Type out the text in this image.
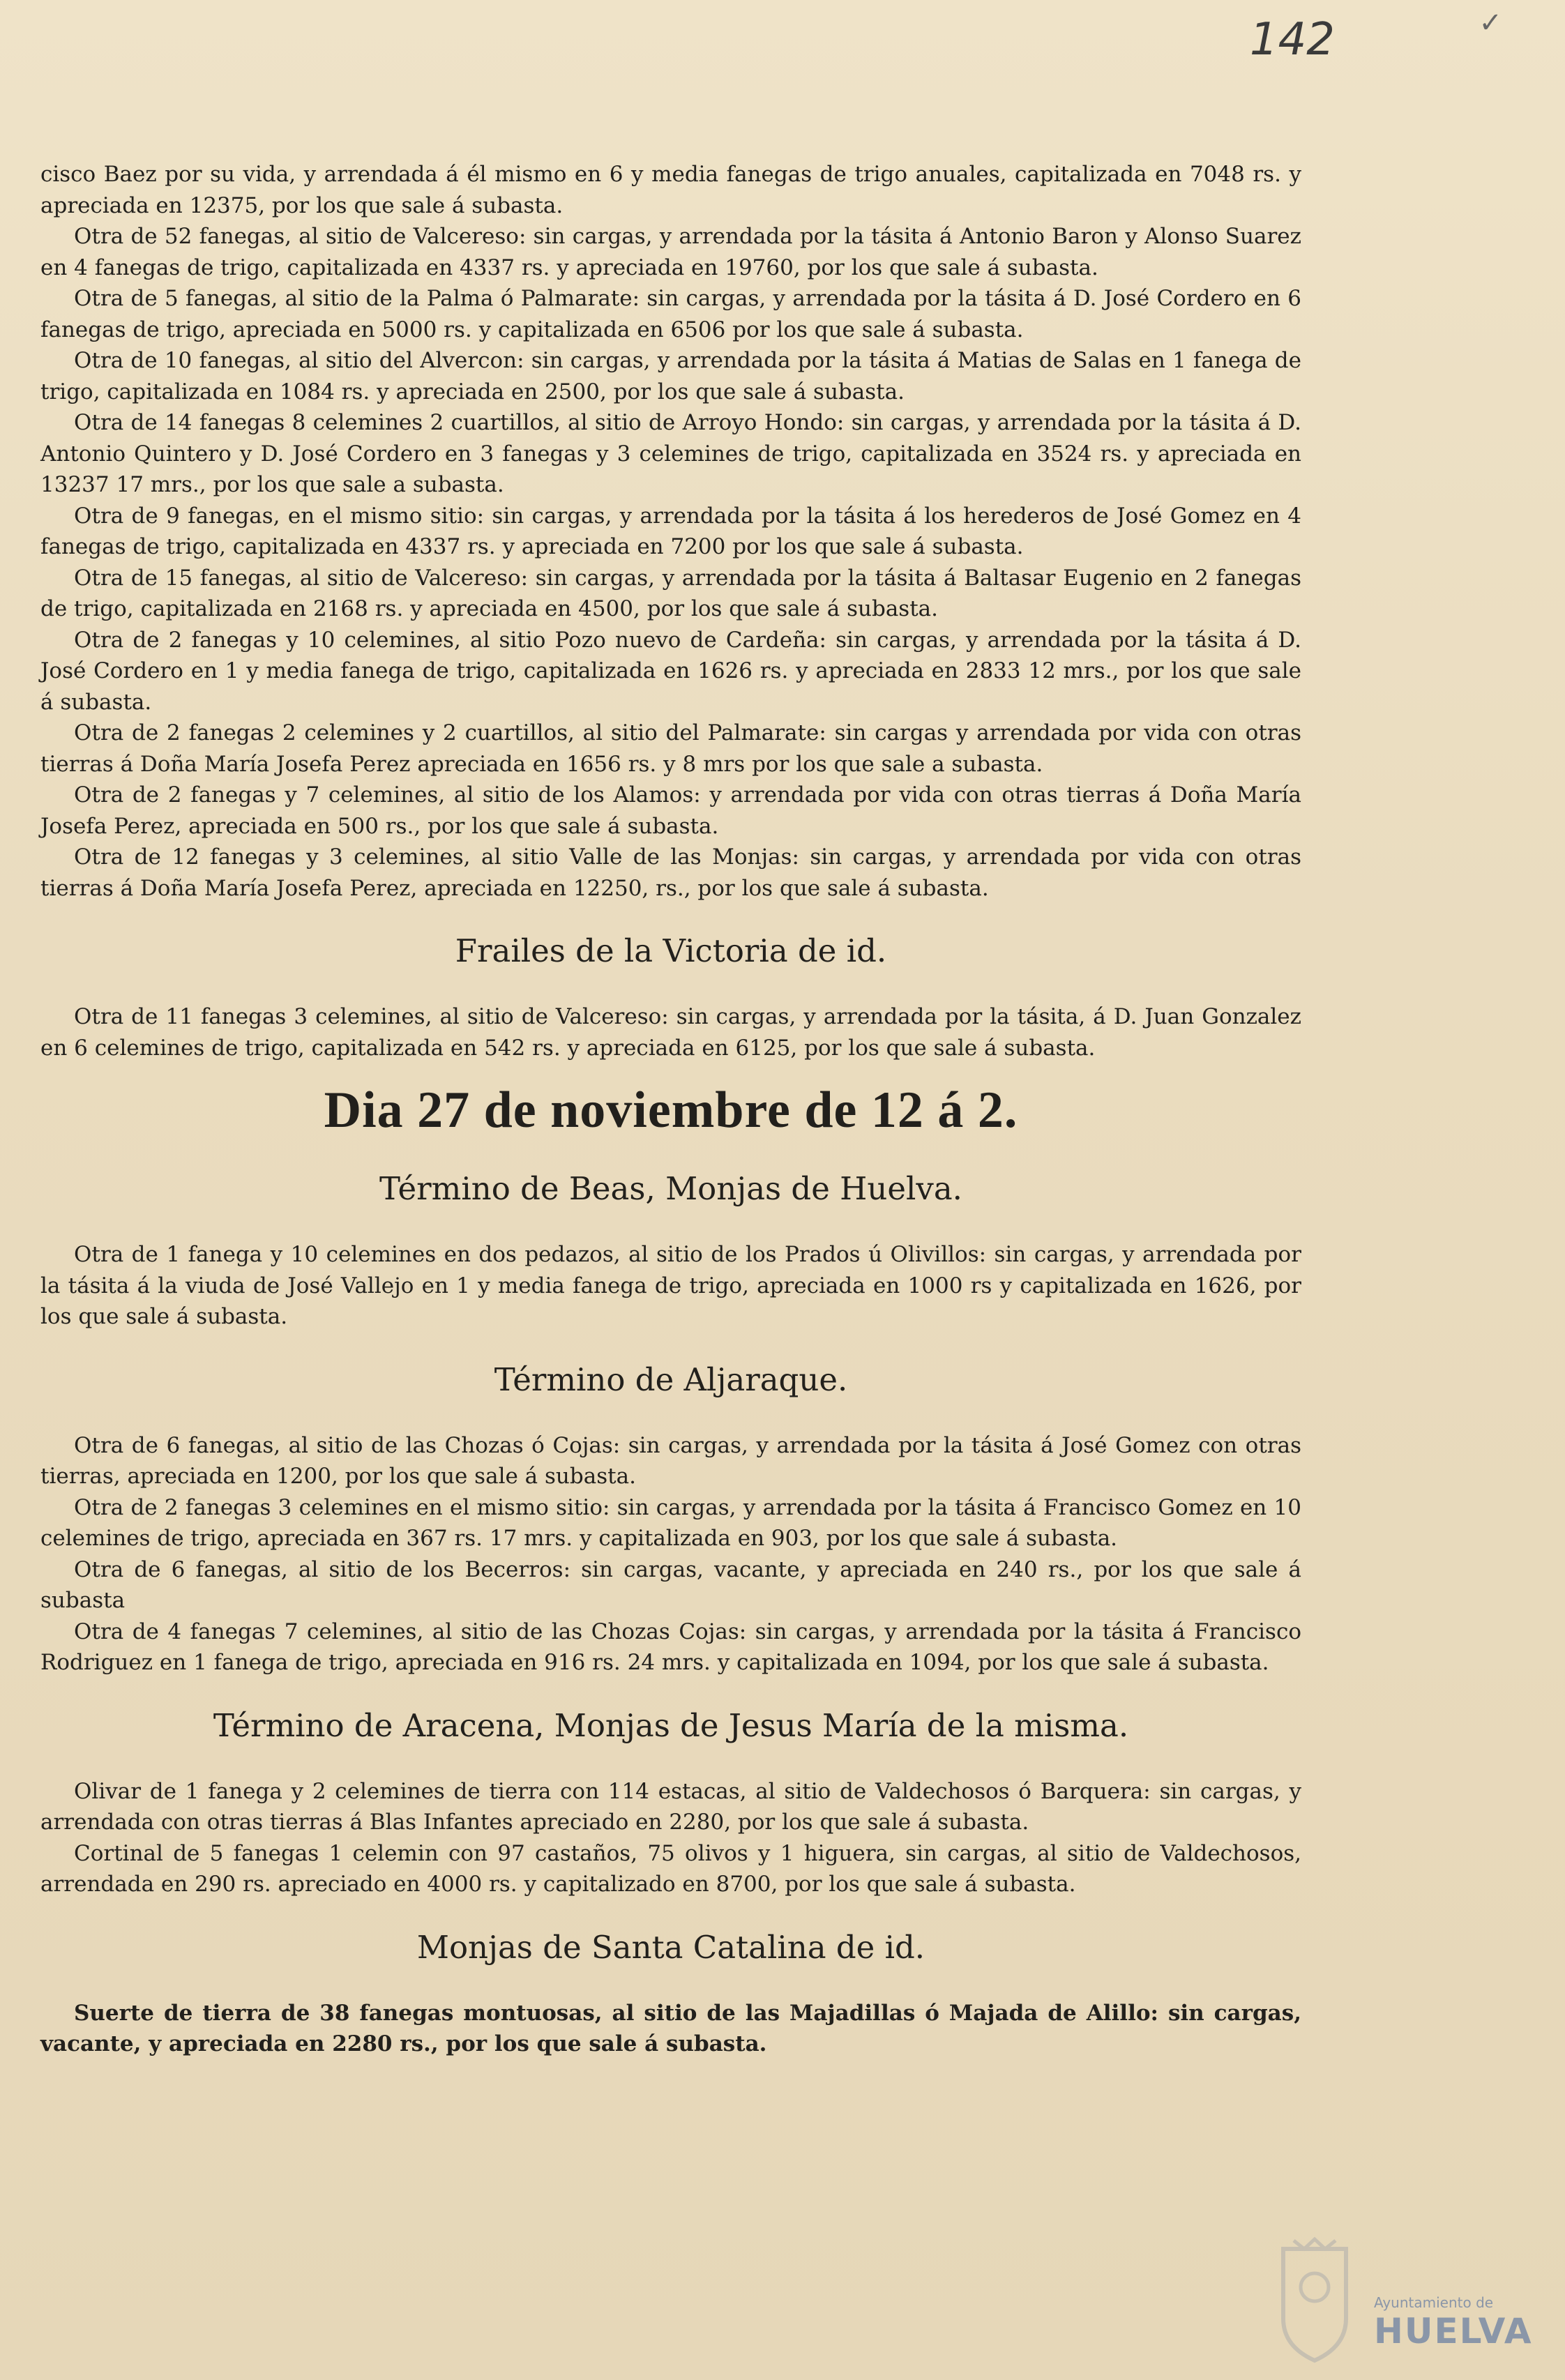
142	✓

cisco Baez por su vida, y arrendada á él mismo en 6 y media fanegas de trigo anuales, capitalizada en 7048 rs. y apreciada en 12375, por los que sale á subasta.

Otra de 52 fanegas, al sitio de Valcereso: sin cargas, y arrendada por la tásita á Antonio Baron y Alonso Suarez en 4 fanegas de trigo, capitalizada en 4337 rs. y apreciada en 19760, por los que sale á subasta.

Otra de 5 fanegas, al sitio de la Palma ó Palmarate: sin cargas, y arrendada por la tásita á D. José Cordero en 6 fanegas de trigo, apreciada en 5000 rs. y capitalizada en 6506 por los que sale á subasta.

Otra de 10 fanegas, al sitio del Alvercon: sin cargas, y arrendada por la tásita á Matias de Salas en 1 fanega de trigo, capitalizada en 1084 rs. y apreciada en 2500, por los que sale á subasta.

Otra de 14 fanegas 8 celemines 2 cuartillos, al sitio de Arroyo Hondo: sin cargas, y arrendada por la tásita á D. Antonio Quintero y D. José Cordero en 3 fanegas y 3 celemines de trigo, capitalizada en 3524 rs. y apreciada en 13237 17 mrs., por los que sale a subasta.

Otra de 9 fanegas, en el mismo sitio: sin cargas, y arrendada por la tásita á los herederos de José Gomez en 4 fanegas de trigo, capitalizada en 4337 rs. y apreciada en 7200 por los que sale á subasta.

Otra de 15 fanegas, al sitio de Valcereso: sin cargas, y arrendada por la tásita á Baltasar Eugenio en 2 fanegas de trigo, capitalizada en 2168 rs. y apreciada en 4500, por los que sale á subasta.

Otra de 2 fanegas y 10 celemines, al sitio Pozo nuevo de Cardeña: sin cargas, y arrendada por la tásita á D. José Cordero en 1 y media fanega de trigo, capitalizada en 1626 rs. y apreciada en 2833 12 mrs., por los que sale á subasta.

Otra de 2 fanegas 2 celemines y 2 cuartillos, al sitio del Palmarate: sin cargas y arrendada por vida con otras tierras á Doña María Josefa Perez apreciada en 1656 rs. y 8 mrs por los que sale a subasta.

Otra de 2 fanegas y 7 celemines, al sitio de los Alamos: y arrendada por vida con otras tierras á Doña María Josefa Perez, apreciada en 500 rs., por los que sale á subasta.

Otra de 12 fanegas y 3 celemines, al sitio Valle de las Monjas: sin cargas, y arrendada por vida con otras tierras á Doña María Josefa Perez, apreciada en 12250, rs., por los que sale á subasta.

Frailes de la Victoria de id.

Otra de 11 fanegas 3 celemines, al sitio de Valcereso: sin cargas, y arrendada por la tásita, á D. Juan Gonzalez en 6 celemines de trigo, capitalizada en 542 rs. y apreciada en 6125, por los que sale á subasta.

Dia 27 de noviembre de 12 á 2.
Término de Beas, Monjas de Huelva.

Otra de 1 fanega y 10 celemines en dos pedazos, al sitio de los Prados ú Olivillos: sin cargas, y arrendada por la tásita á la viuda de José Vallejo en 1 y media fanega de trigo, apreciada en 1000 rs y capitalizada en 1626, por los que sale á subasta.

Término de Aljaraque.

Otra de 6 fanegas, al sitio de las Chozas ó Cojas: sin cargas, y arrendada por la tásita á José Gomez con otras tierras, apreciada en 1200, por los que sale á subasta.

Otra de 2 fanegas 3 celemines en el mismo sitio: sin cargas, y arrendada por la tásita á Francisco Gomez en 10 celemines de trigo, apreciada en 367 rs. 17 mrs. y capitalizada en 903, por los que sale á subasta.

Otra de 6 fanegas, al sitio de los Becerros: sin cargas, vacante, y apreciada en 240 rs., por los que sale á subasta

Otra de 4 fanegas 7 celemines, al sitio de las Chozas Cojas: sin cargas, y arrendada por la tásita á Francisco Rodriguez en 1 fanega de trigo, apreciada en 916 rs. 24 mrs. y capitalizada en 1094, por los que sale á subasta.

Término de Aracena, Monjas de Jesus María de la misma.

Olivar de 1 fanega y 2 celemines de tierra con 114 estacas, al sitio de Valdechosos ó Barquera: sin cargas, y arrendada con otras tierras á Blas Infantes apreciado en 2280, por los que sale á subasta.

Cortinal de 5 fanegas 1 celemin con 97 castaños, 75 olivos y 1 higuera, sin cargas, al sitio de Valdechosos, arrendada en 290 rs. apreciado en 4000 rs. y capitalizado en 8700, por los que sale á subasta.

Monjas de Santa Catalina de id.

Suerte de tierra de 38 fanegas montuosas, al sitio de las Majadillas ó Majada de Alillo: sin cargas, vacante, y apreciada en 2280 rs., por los que sale á subasta.

Ayuntamiento de
HUELVA
